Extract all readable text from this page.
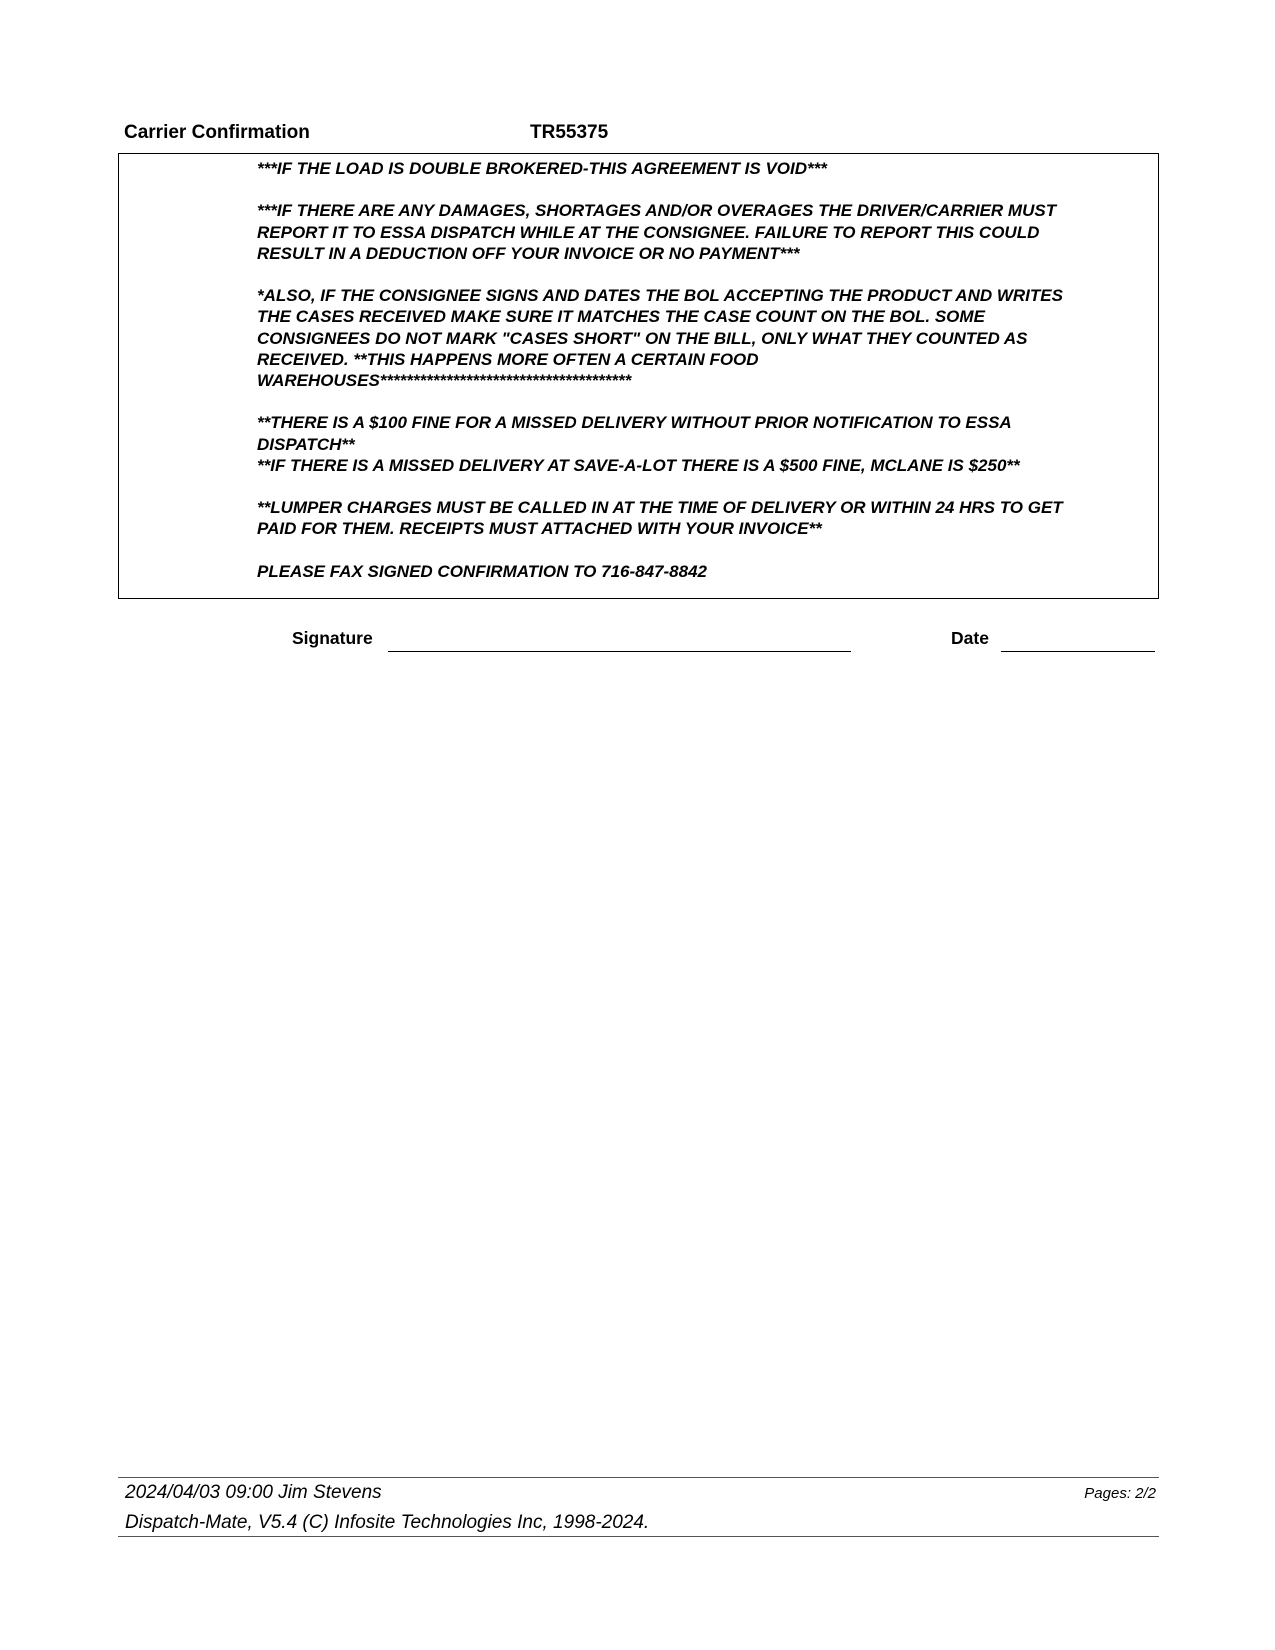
Carrier Confirmation	TR55375
***IF THE LOAD IS DOUBLE BROKERED-THIS AGREEMENT IS VOID***
***IF THERE ARE ANY DAMAGES, SHORTAGES AND/OR OVERAGES THE DRIVER/CARRIER MUST
REPORT IT TO ESSA DISPATCH WHILE AT THE CONSIGNEE. FAILURE TO REPORT THIS COULD
RESULT IN A DEDUCTION OFF YOUR INVOICE OR NO PAYMENT***
*ALSO, IF THE CONSIGNEE SIGNS AND DATES THE BOL ACCEPTING THE PRODUCT AND WRITES
THE CASES RECEIVED MAKE SURE IT MATCHES THE CASE COUNT ON THE BOL. SOME
CONSIGNEES DO NOT MARK "CASES SHORT" ON THE BILL, ONLY WHAT THEY COUNTED AS
RECEIVED. **THIS HAPPENS MORE OFTEN A CERTAIN FOOD
WAREHOUSES**************************************
**THERE IS A $100 FINE FOR A MISSED DELIVERY WITHOUT PRIOR NOTIFICATION TO ESSA
DISPATCH**
**IF THERE IS A MISSED DELIVERY AT SAVE-A-LOT THERE IS A $500 FINE, MCLANE IS $250**
**LUMPER CHARGES MUST BE CALLED IN AT THE TIME OF DELIVERY OR WITHIN 24 HRS TO GET
PAID FOR THEM. RECEIPTS MUST ATTACHED WITH YOUR INVOICE**
PLEASE FAX SIGNED CONFIRMATION TO 716-847-8842
Signature	Date
2024/04/03 09:00 Jim Stevens	Pages: 2/2
Dispatch-Mate, V5.4 (C) Infosite Technologies Inc, 1998-2024.
